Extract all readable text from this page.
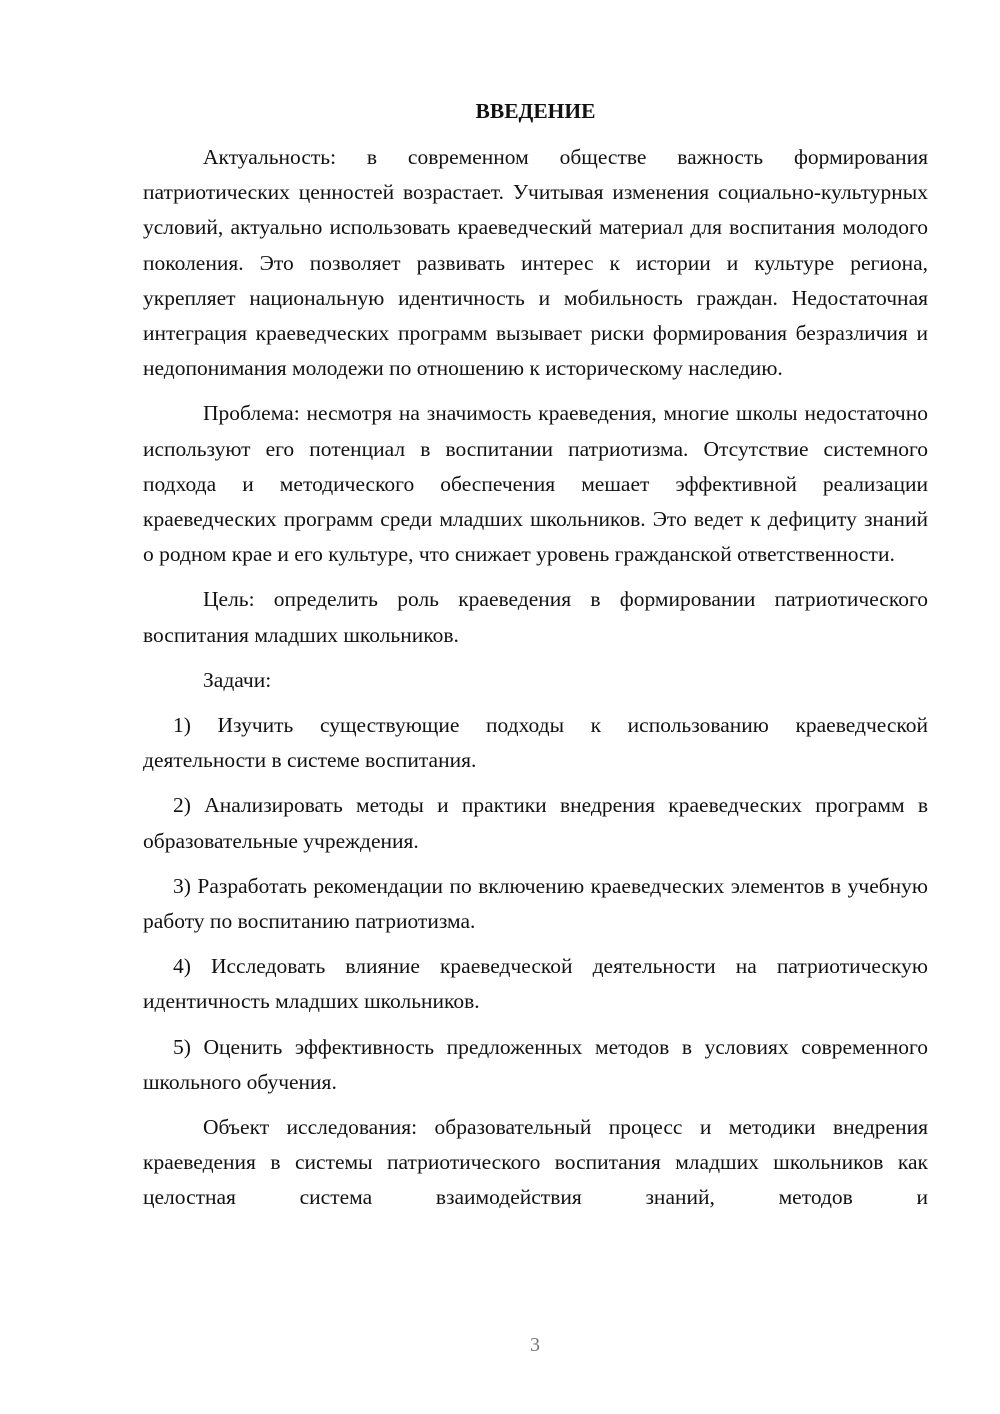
ВВЕДЕНИЕ

Актуальность: в современном обществе важность формирования патриотических ценностей возрастает. Учитывая изменения социально-культурных условий, актуально использовать краеведческий материал для воспитания молодого поколения. Это позволяет развивать интерес к истории и культуре региона, укрепляет национальную идентичность и мобильность граждан. Недостаточная интеграция краеведческих программ вызывает риски формирования безразличия и недопонимания молодежи по отношению к историческому наследию.

Проблема: несмотря на значимость краеведения, многие школы недостаточно используют его потенциал в воспитании патриотизма. Отсутствие системного подхода и методического обеспечения мешает эффективной реализации краеведческих программ среди младших школьников. Это ведет к дефициту знаний о родном крае и его культуре, что снижает уровень гражданской ответственности.

Цель: определить роль краеведения в формировании патриотического воспитания младших школьников.

Задачи:

1) Изучить существующие подходы к использованию краеведческой деятельности в системе воспитания.

2) Анализировать методы и практики внедрения краеведческих программ в образовательные учреждения.

3) Разработать рекомендации по включению краеведческих элементов в учебную работу по воспитанию патриотизма.

4) Исследовать влияние краеведческой деятельности на патриотическую идентичность младших школьников.

5) Оценить эффективность предложенных методов в условиях современного школьного обучения.

Объект исследования: образовательный процесс и методики внедрения краеведения в системы патриотического воспитания младших школьников как целостная система взаимодействия знаний, методов и

3
